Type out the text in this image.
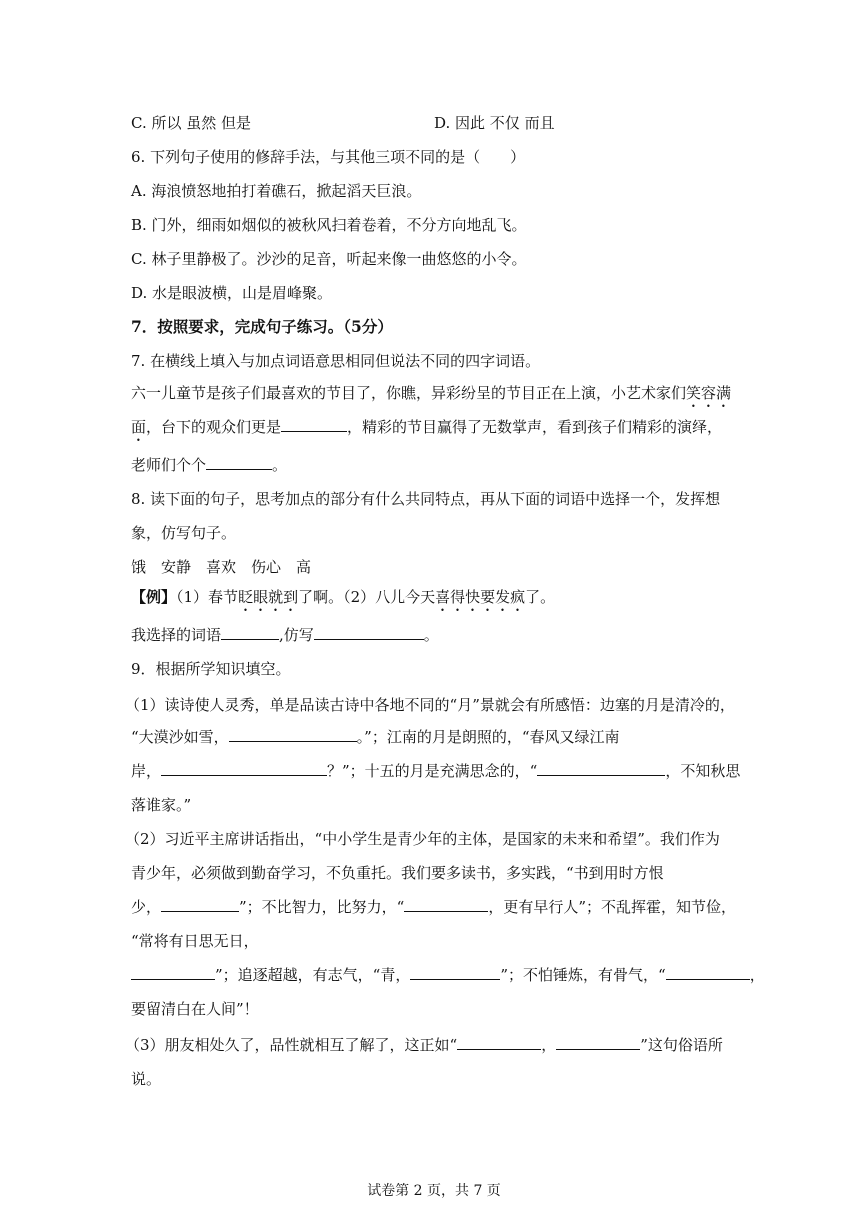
C. 所以 虽然 但是	D. 因此 不仅 而且
6. 下列句子使用的修辞手法，与其他三项不同的是（　　）
A. 海浪愤怒地拍打着礁石，掀起滔天巨浪。
B. 门外，细雨如烟似的被秋风扫着卷着，不分方向地乱飞。
C. 林子里静极了。沙沙的足音，听起来像一曲悠悠的小令。
D. 水是眼波横，山是眉峰聚。
7．按照要求，完成句子练习。（5分）
7. 在横线上填入与加点词语意思相同但说法不同的四字词语。
六一儿童节是孩子们最喜欢的节目了，你瞧，异彩纷呈的节目正在上演，小艺术家们笑容满
面，台下的观众们更是	，精彩的节目赢得了无数掌声，看到孩子们精彩的演绎，
老师们个个	。
8. 读下面的句子，思考加点的部分有什么共同特点，再从下面的词语中选择一个，发挥想
象，仿写句子。
饿　安静　喜欢　伤心　高
【例】（1）春节眨眼就到了啊。（2）八儿今天喜得快要发疯了。
我选择的词语	,仿写	。
9．根据所学知识填空。
（1）读诗使人灵秀，单是品读古诗中各地不同的“月”景就会有所感悟：边塞的月是清冷的，
“大漠沙如雪，	。”；江南的月是朗照的，“春风又绿江南
岸，	？”；十五的月是充满思念的，“	，不知秋思
落谁家。”
（2）习近平主席讲话指出，“中小学生是青少年的主体，是国家的未来和希望”。我们作为
青少年，必须做到勤奋学习，不负重托。我们要多读书，多实践，“书到用时方恨
少，	”；不比智力，比努力，“	，更有早行人”；不乱挥霍，知节俭，
“常将有日思无日，
”；追逐超越，有志气，“青，	”；不怕锤炼，有骨气，“	，
要留清白在人间”！
（3）朋友相处久了，品性就相互了解了，这正如“	，	”这句俗语所
说。
试卷第 2 页，共 7 页
